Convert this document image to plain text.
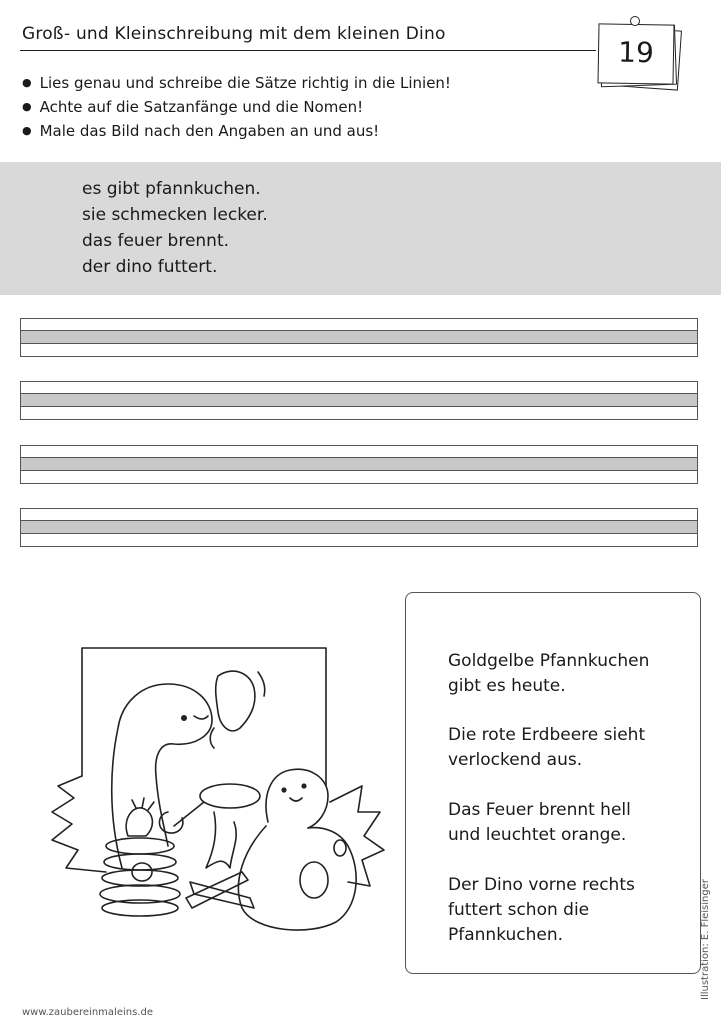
Groß- und Kleinschreibung mit dem kleinen Dino
19
● Lies genau und schreibe die Sätze richtig in die Linien!
● Achte auf die Satzanfänge und die Nomen!
● Male das Bild nach den Angaben an und aus!
es gibt pfannkuchen.
sie schmecken lecker.
das feuer brennt.
der dino futtert.
Goldgelbe Pfannkuchen
gibt es heute.
Die rote Erdbeere sieht
verlockend aus.
Das Feuer brennt hell
und leuchtet orange.
Der Dino vorne rechts
futtert schon die
Pfannkuchen.	Illustration: E. Fleisinger
www.zaubereinmaleins.de
